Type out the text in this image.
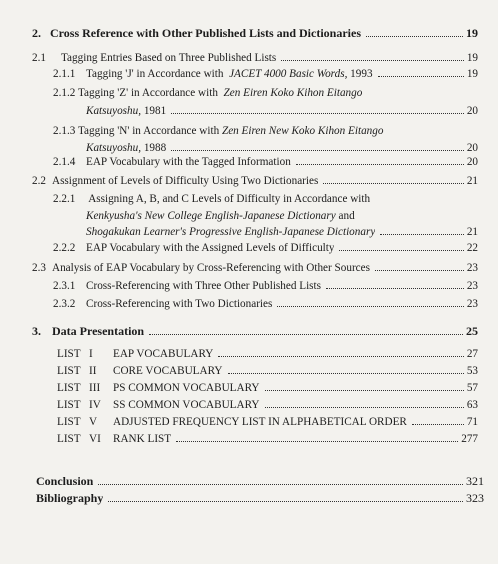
2. Cross Reference with Other Published Lists and Dictionaries	19
2.1	Tagging Entries Based on Three Published Lists	19
2.1.1 Tagging 'J' in Accordance with JACET 4000 Basic Words, 1993	19
2.1.2 Tagging 'Z' in Accordance with Zen Eiren Koko Kihon Eitango
Katsuyoshu, 1981	20
2.1.3 Tagging 'N' in Accordance with Zen Eiren New Koko Kihon Eitango
Katsuyoshu, 1988	20
2.1.4 EAP Vocabulary with the Tagged Information	20
2.2 Assignment of Levels of Difficulty Using Two Dictionaries	21
2.2.1 Assigning A, B, and C Levels of Difficulty in Accordance with
Kenkyusha's New College English-Japanese Dictionary and
Shogakukan Learner's Progressive English-Japanese Dictionary	21
2.2.2 EAP Vocabulary with the Assigned Levels of Difficulty	22
2.3 Analysis of EAP Vocabulary by Cross-Referencing with Other Sources	23
2.3.1 Cross-Referencing with Three Other Published Lists	23
2.3.2 Cross-Referencing with Two Dictionaries	23
3. Data Presentation	25
LIST I	EAP VOCABULARY	27
LIST II	CORE VOCABULARY	53
LIST III	PS COMMON VOCABULARY	57
LIST IV	SS COMMON VOCABULARY	63
LIST V	ADJUSTED FREQUENCY LIST IN ALPHABETICAL ORDER	71
LIST VI	RANK LIST	277
Conclusion	321
Bibliography	323
